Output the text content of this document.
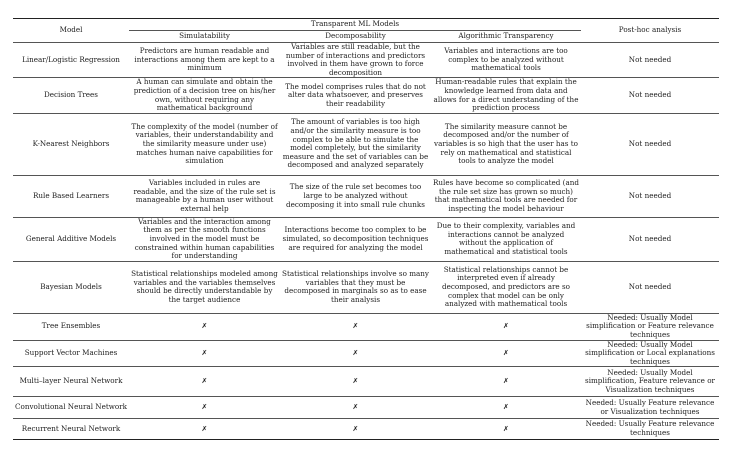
Model	Transparent ML Models			Post-hoc analysis
	Simulatability	Decomposability	Algorithmic Transparency	
Linear/Logistic Regression	Predictors are human readable and interactions among them are kept to a minimum	Variables are still readable, but the number of interactions and predictors involved in them have grown to force decomposition	Variables and interactions are too complex to be analyzed without mathematical tools	Not needed
Decision Trees	A human can simulate and obtain the prediction of a decision tree on his/her own, without requiring any mathematical background	The model comprises rules that do not alter data whatsoever, and preserves their readability	Human-readable rules that explain the knowledge learned from data and allows for a direct understanding of the prediction process	Not needed
K-Nearest Neighbors	The complexity of the model (number of variables, their understandability and the similarity measure under use) matches human naive capabilities for simulation	The amount of variables is too high and/or the similarity measure is too complex to be able to simulate the model completely, but the similarity measure and the set of variables can be decomposed and analyzed separately	The similarity measure cannot be decomposed and/or the number of variables is so high that the user has to rely on mathematical and statistical tools to analyze the model	Not needed
Rule Based Learners	Variables included in rules are readable, and the size of the rule set is manageable by a human user without external help	The size of the rule set becomes too large to be analyzed without decomposing it into small rule chunks	Rules have become so complicated (and the rule set size has grown so much) that mathematical tools are needed for inspecting the model behaviour	Not needed
General Additive Models	Variables and the interaction among them as per the smooth functions involved in the model must be constrained within human capabilities for understanding	Interactions become too complex to be simulated, so decomposition techniques are required for analyzing the model	Due to their complexity, variables and interactions cannot be analyzed without the application of mathematical and statistical tools	Not needed
Bayesian Models	Statistical relationships modeled among variables and the variables themselves should be directly understandable by the target audience	Statistical relationships involve so many variables that they must be decomposed in marginals so as to ease their analysis	Statistical relationships cannot be interpreted even if already decomposed, and predictors are so complex that model can be only analyzed with mathematical tools	Not needed
Tree Ensembles	✗	✗	✗	Needed: Usually Model simplification or Feature relevance techniques
Support Vector Machines	✗	✗	✗	Needed: Usually Model simplification or Local explanations techniques
Multi–layer Neural Network	✗	✗	✗	Needed: Usually Model simplification, Feature relevance or Visualization techniques
Convolutional Neural Network	✗	✗	✗	Needed: Usually Feature relevance or Visualization techniques
Recurrent Neural Network	✗	✗	✗	Needed: Usually Feature relevance techniques
